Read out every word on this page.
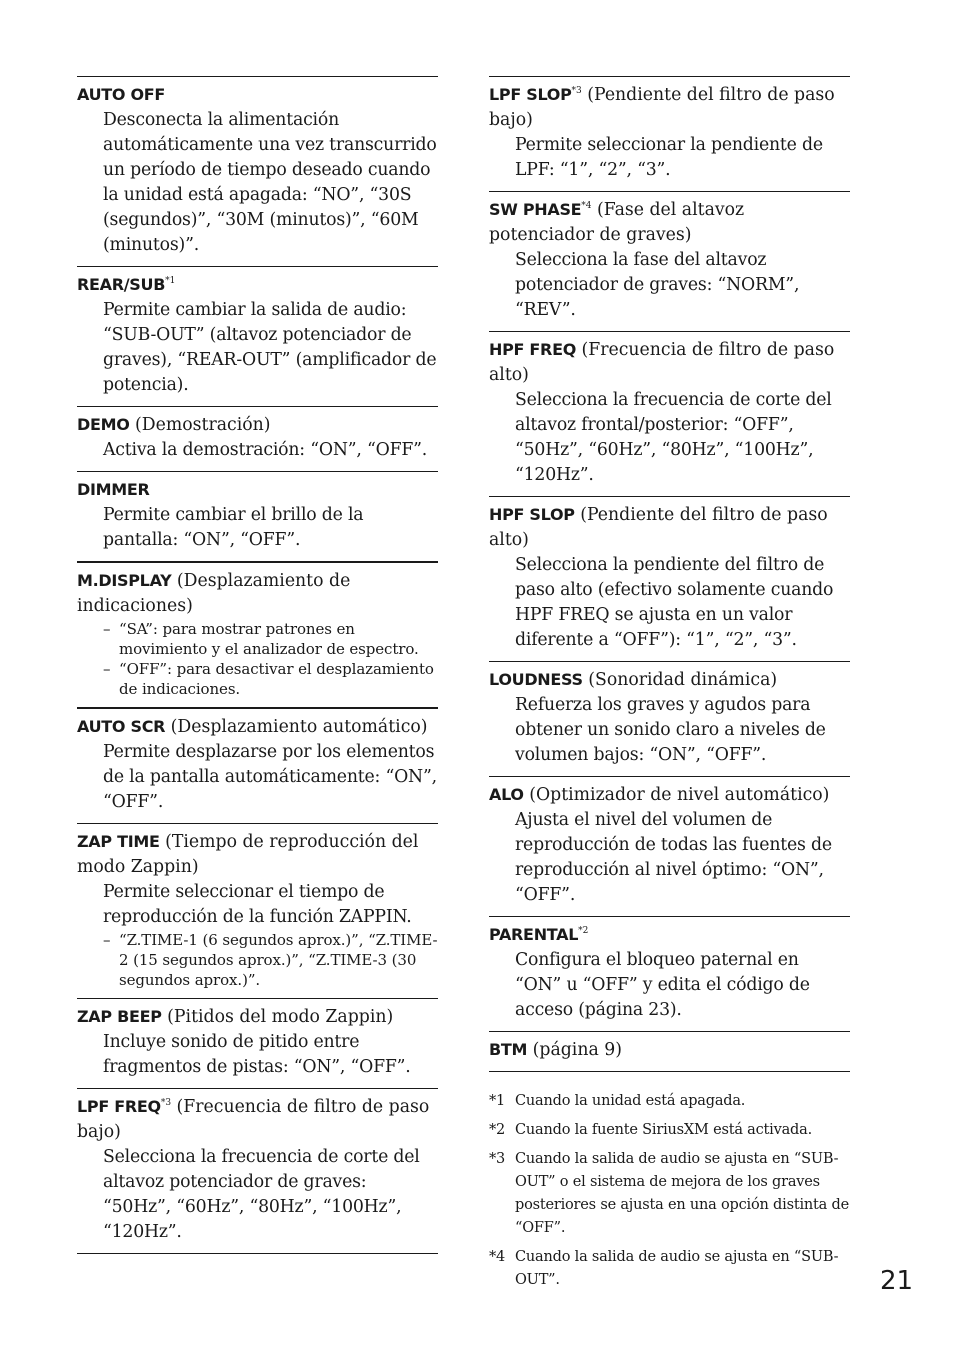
AUTO OFF
Desconecta la alimentación automáticamente una vez transcurrido un período de tiempo deseado cuando la unidad está apagada: “NO”, “30S (segundos)”, “30M (minutos)”, “60M (minutos)”.
REAR/SUB$^{*1}$
Permite cambiar la salida de audio: “SUB-OUT” (altavoz potenciador de graves), “REAR-OUT” (amplificador de potencia).
DEMO (Demostración)
Activa la demostración: “ON”, “OFF”.
DIMMER
Permite cambiar el brillo de la pantalla: “ON”, “OFF”.
M.DISPLAY (Desplazamiento de indicaciones)
– “SA”: para mostrar patrones en movimiento y el analizador de espectro.
– “OFF”: para desactivar el desplazamiento de indicaciones.
AUTO SCR (Desplazamiento automático)
Permite desplazarse por los elementos de la pantalla automáticamente: “ON”, “OFF”.
ZAP TIME (Tiempo de reproducción del modo Zappin)
Permite seleccionar el tiempo de reproducción de la función ZAPPIN.
– “Z.TIME-1 (6 segundos aprox.)”, “Z.TIME-2 (15 segundos aprox.)”, “Z.TIME-3 (30 segundos aprox.)”.
ZAP BEEP (Pitidos del modo Zappin)
Incluye sonido de pitido entre fragmentos de pistas: “ON”, “OFF”.
LPF FREQ$^{*3}$ (Frecuencia de filtro de paso bajo)
Selecciona la frecuencia de corte del altavoz potenciador de graves: “50Hz”, “60Hz”, “80Hz”, “100Hz”, “120Hz”.
LPF SLOP$^{*3}$ (Pendiente del filtro de paso bajo)
Permite seleccionar la pendiente de LPF: “1”, “2”, “3”.
SW PHASE$^{*4}$ (Fase del altavoz potenciador de graves)
Selecciona la fase del altavoz potenciador de graves: “NORM”, “REV”.
HPF FREQ (Frecuencia de filtro de paso alto)
Selecciona la frecuencia de corte del altavoz frontal/posterior: “OFF”, “50Hz”, “60Hz”, “80Hz”, “100Hz”, “120Hz”.
HPF SLOP (Pendiente del filtro de paso alto)
Selecciona la pendiente del filtro de paso alto (efectivo solamente cuando HPF FREQ se ajusta en un valor diferente a “OFF”): “1”, “2”, “3”.
LOUDNESS (Sonoridad dinámica)
Refuerza los graves y agudos para obtener un sonido claro a niveles de volumen bajos: “ON”, “OFF”.
ALO (Optimizador de nivel automático)
Ajusta el nivel del volumen de reproducción de todas las fuentes de reproducción al nivel óptimo: “ON”, “OFF”.
PARENTAL$^{*2}$
Configura el bloqueo paternal en “ON” u “OFF” y edita el código de acceso (página 23).
BTM (página 9)
*1 Cuando la unidad está apagada.
*2 Cuando la fuente SiriusXM está activada.
*3 Cuando la salida de audio se ajusta en “SUB-OUT” o el sistema de mejora de los graves posteriores se ajusta en una opción distinta de “OFF”.
*4 Cuando la salida de audio se ajusta en “SUB-OUT”.	21
